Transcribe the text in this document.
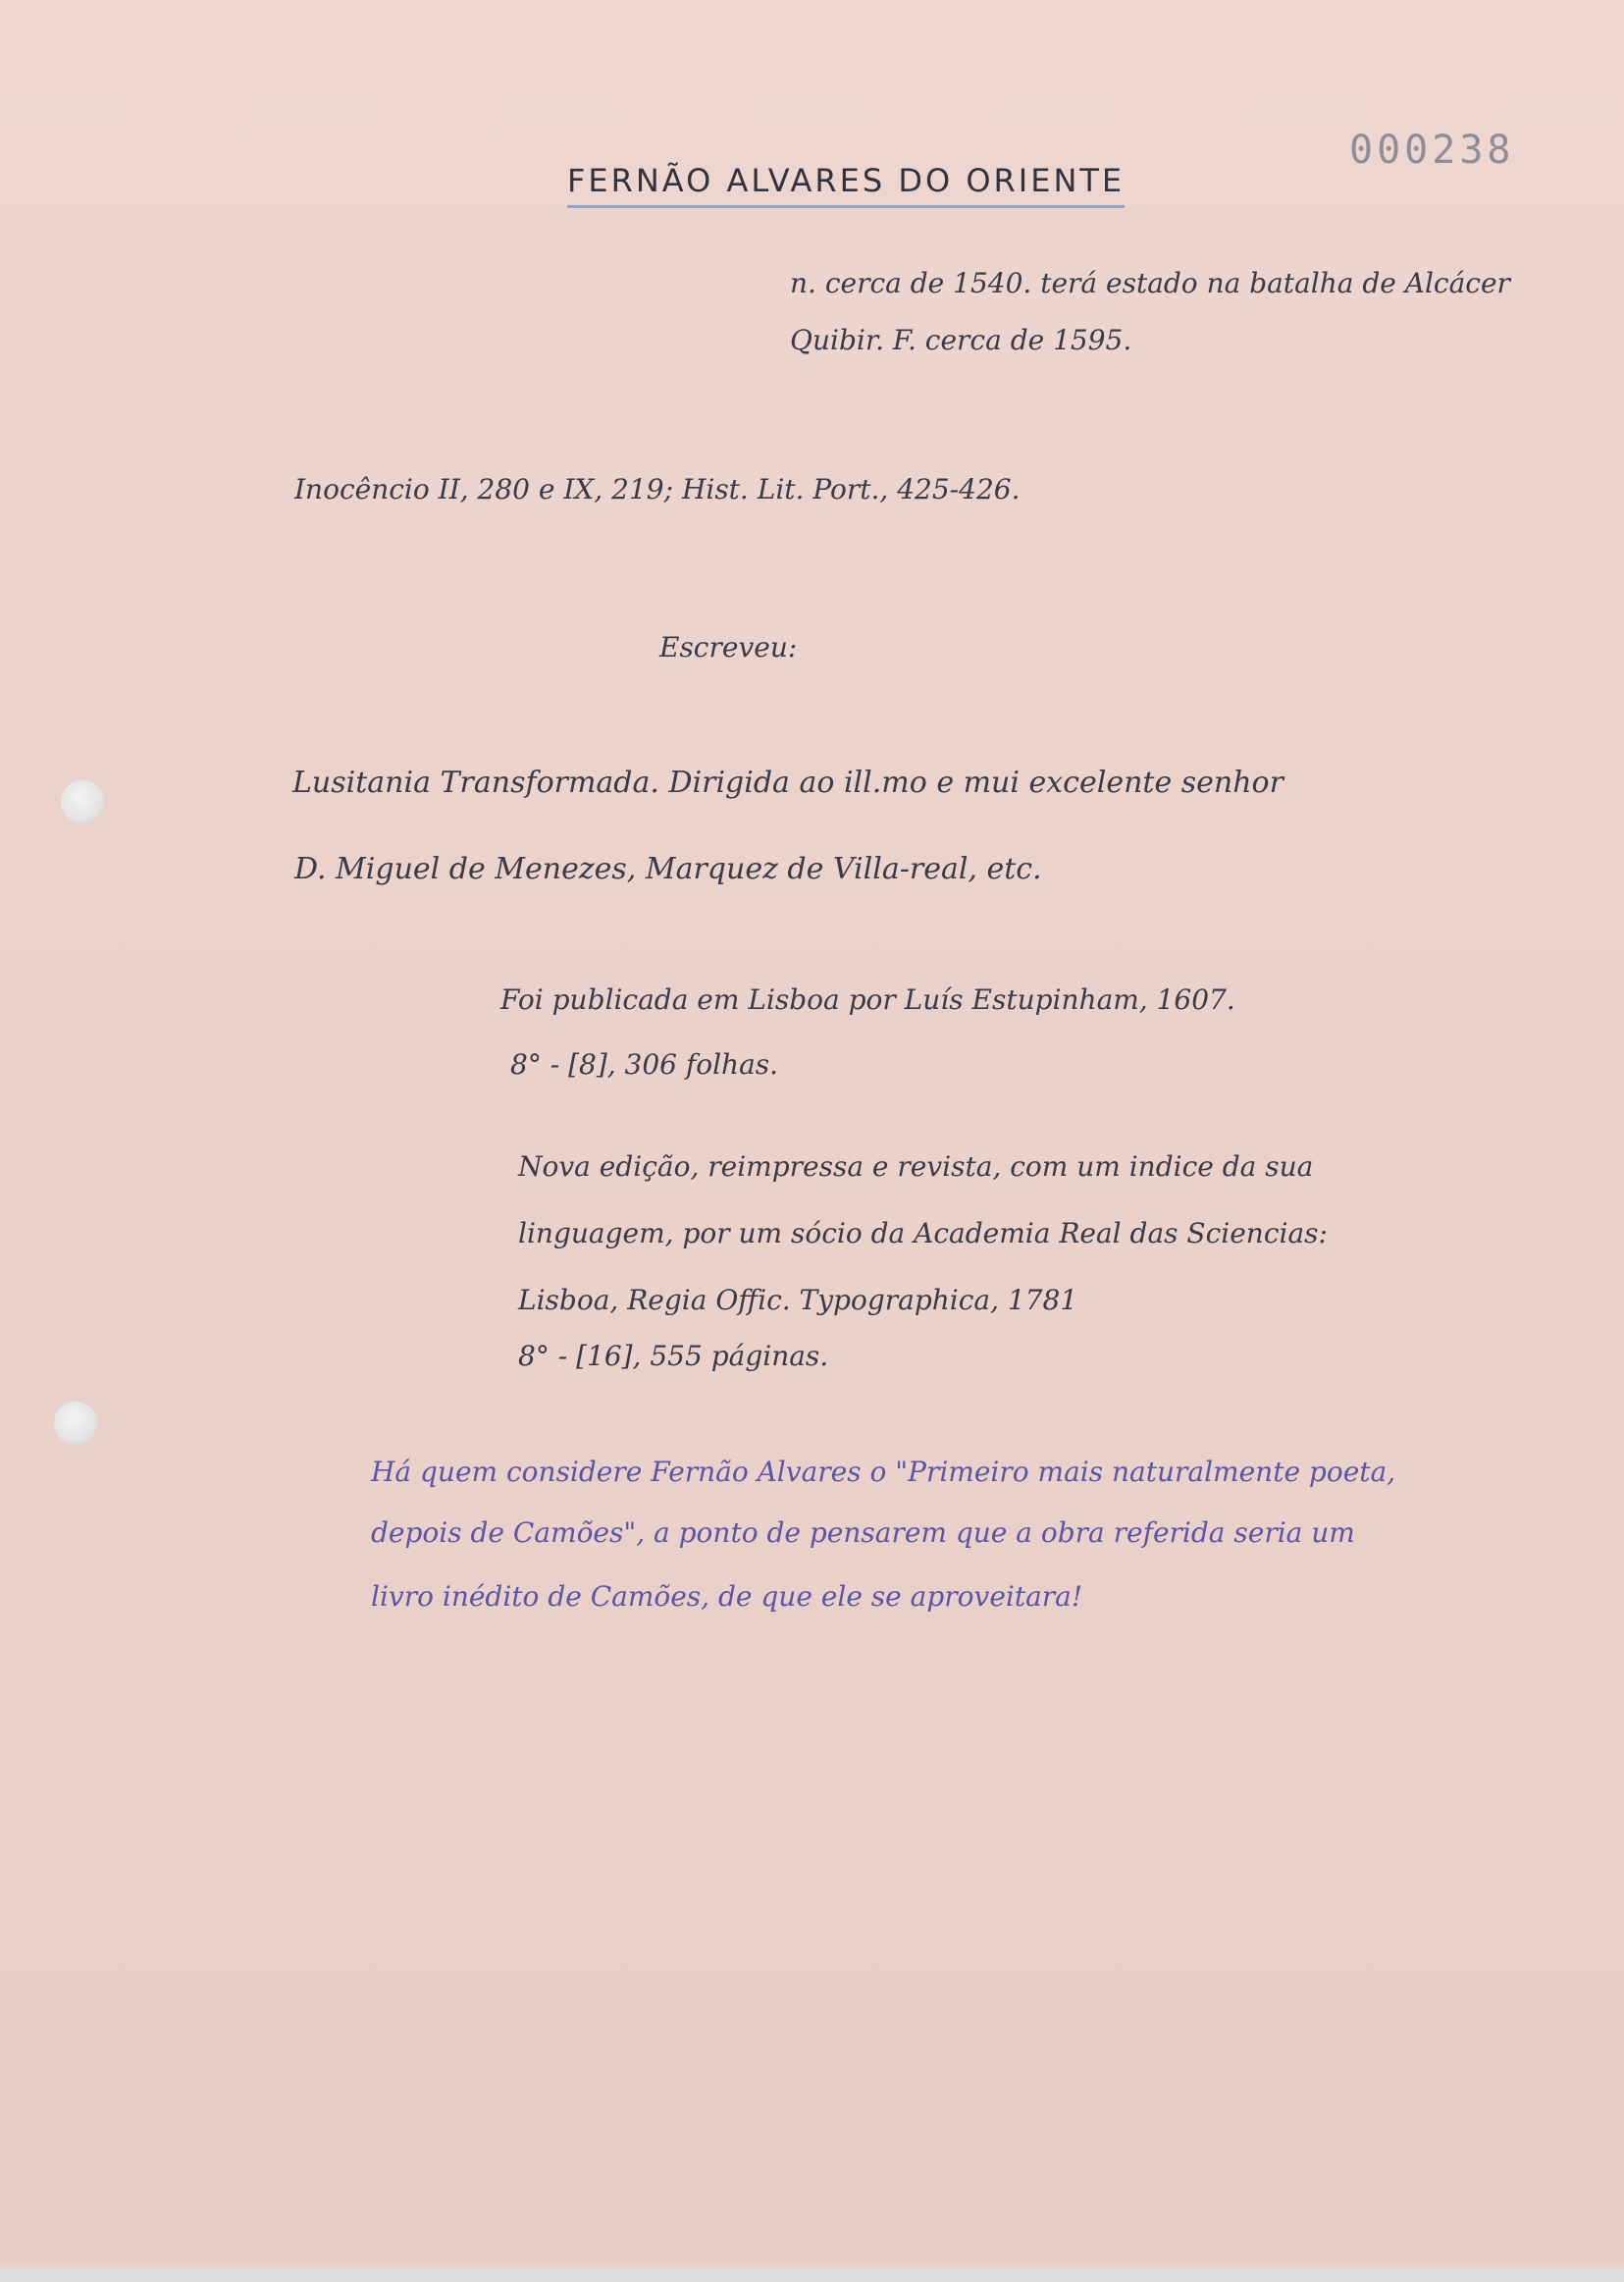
000238
FERNÃO ALVARES DO ORIENTE
n. cerca de 1540. terá estado na batalha de Alcácer
Quibir. F. cerca de 1595.
Inocêncio II, 280 e IX, 219; Hist. Lit. Port., 425-426.
Escreveu:
Lusitania Transformada. Dirigida ao ill.mo e mui excelente senhor
D. Miguel de Menezes, Marquez de Villa-real, etc.
Foi publicada em Lisboa por Luís Estupinham, 1607.
8° - [8], 306 folhas.
Nova edição, reimpressa e revista, com um indice da sua
linguagem, por um sócio da Academia Real das Sciencias:
Lisboa, Regia Offic. Typographica, 1781
8° - [16], 555 páginas.
Há quem considere Fernão Alvares o "Primeiro mais naturalmente poeta,
depois de Camões", a ponto de pensarem que a obra referida seria um
livro inédito de Camões, de que ele se aproveitara!
